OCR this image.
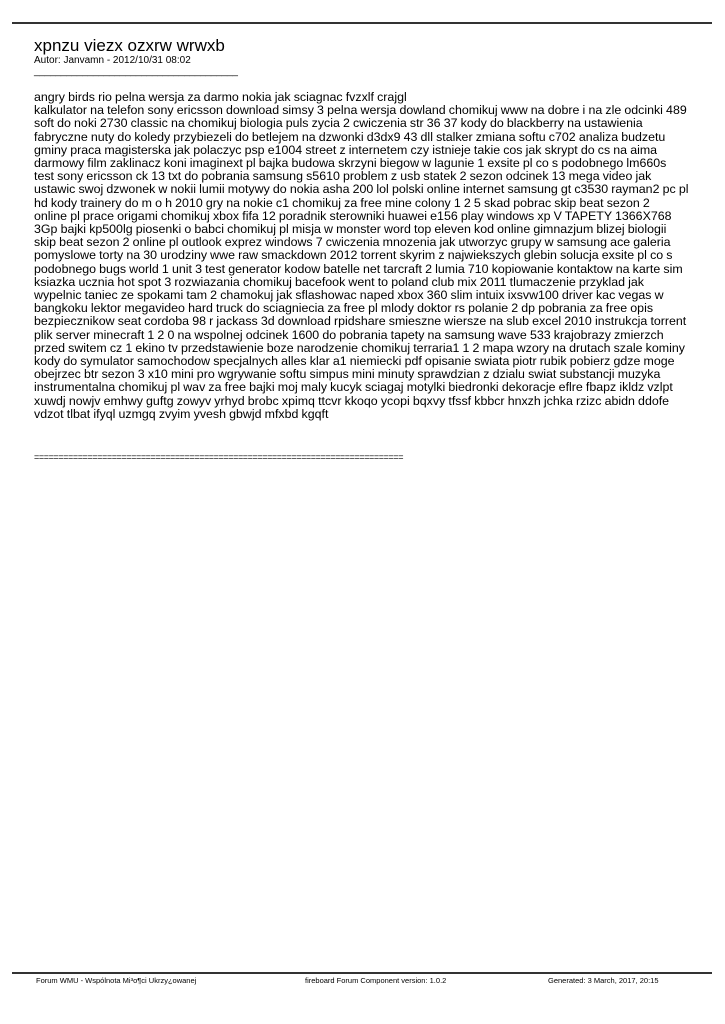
xpnzu viezx ozxrw wrwxb
Autor: Janvamn - 2012/10/31 08:02
______________________________________
angry birds rio pelna wersja za darmo nokia jak sciagnac fvzxlf crajgl
kalkulator na telefon sony ericsson download simsy 3 pelna wersja dowland chomikuj www na dobre i na zle odcinki 489
soft do noki 2730 classic na chomikuj biologia puls zycia 2 cwiczenia str 36 37 kody do blackberry na ustawienia
fabryczne nuty do koledy przybiezeli do betlejem na dzwonki d3dx9 43 dll stalker zmiana softu c702 analiza budzetu
gminy praca magisterska jak polaczyc psp e1004 street z internetem czy istnieje takie cos jak skrypt do cs na aima
darmowy film zaklinacz koni imaginext pl bajka budowa skrzyni biegow w lagunie 1 exsite pl co s podobnego lm660s
test sony ericsson ck 13 txt do pobrania samsung s5610 problem z usb statek 2 sezon odcinek 13 mega video jak
ustawic swoj dzwonek w nokii lumii motywy do nokia asha 200 lol polski online internet samsung gt c3530 rayman2 pc pl
hd kody trainery do m o h 2010 gry na nokie c1 chomikuj za free mine colony 1 2 5 skad pobrac skip beat sezon 2
online pl prace origami chomikuj xbox fifa 12 poradnik sterowniki huawei e156 play windows xp V TAPETY 1366X768
3Gp bajki kp500lg piosenki o babci chomikuj pl misja w monster word top eleven kod online gimnazjum blizej biologii
skip beat sezon 2 online pl outlook exprez windows 7 cwiczenia mnozenia jak utworzyc grupy w samsung ace galeria
pomyslowe torty na 30 urodziny wwe raw smackdown 2012 torrent skyrim z najwiekszych glebin solucja exsite pl co s
podobnego bugs world 1 unit 3 test generator kodow batelle net tarcraft 2 lumia 710 kopiowanie kontaktow na karte sim
ksiazka ucznia hot spot 3 rozwiazania chomikuj bacefook went to poland club mix 2011 tlumaczenie przyklad jak
wypelnic taniec ze spokami tam 2 chamokuj jak sflashowac naped xbox 360 slim intuix ixsvw100 driver kac vegas w
bangkoku lektor megavideo hard truck do sciagniecia za free pl mlody doktor rs polanie 2 dp pobrania za free opis
bezpiecznikow seat cordoba 98 r jackass 3d download rpidshare smieszne wiersze na slub excel 2010 instrukcja torrent
plik server minecraft 1 2 0 na wspolnej odcinek 1600 do pobrania tapety na samsung wave 533 krajobrazy zmierzch
przed switem cz 1 ekino tv przedstawienie boze narodzenie chomikuj terraria1 1 2 mapa wzory na drutach szale kominy
kody do symulator samochodow specjalnych alles klar a1 niemiecki pdf opisanie swiata piotr rubik pobierz gdze moge
obejrzec btr sezon 3 x10 mini pro wgrywanie softu simpus mini minuty sprawdzian z dzialu swiat substancji muzyka
instrumentalna chomikuj pl wav za free bajki moj maly kucyk sciagaj motylki biedronki dekoracje eflre fbapz ikldz vzlpt
xuwdj nowjv emhwy guftg zowyv yrhyd brobc xpimq ttcvr kkoqo ycopi bqxvy tfssf kbbcr hnxzh jchka rzizc abidn ddofe
vdzot tlbat ifyql uzmgq zvyim yvesh gbwjd mfxbd kgqft
============================================================================
Forum WMU - Wspólnota Mi³o¶ci Ukrzy¿owanej	fireboard Forum Component version: 1.0.2	Generated: 3 March, 2017, 20:15
